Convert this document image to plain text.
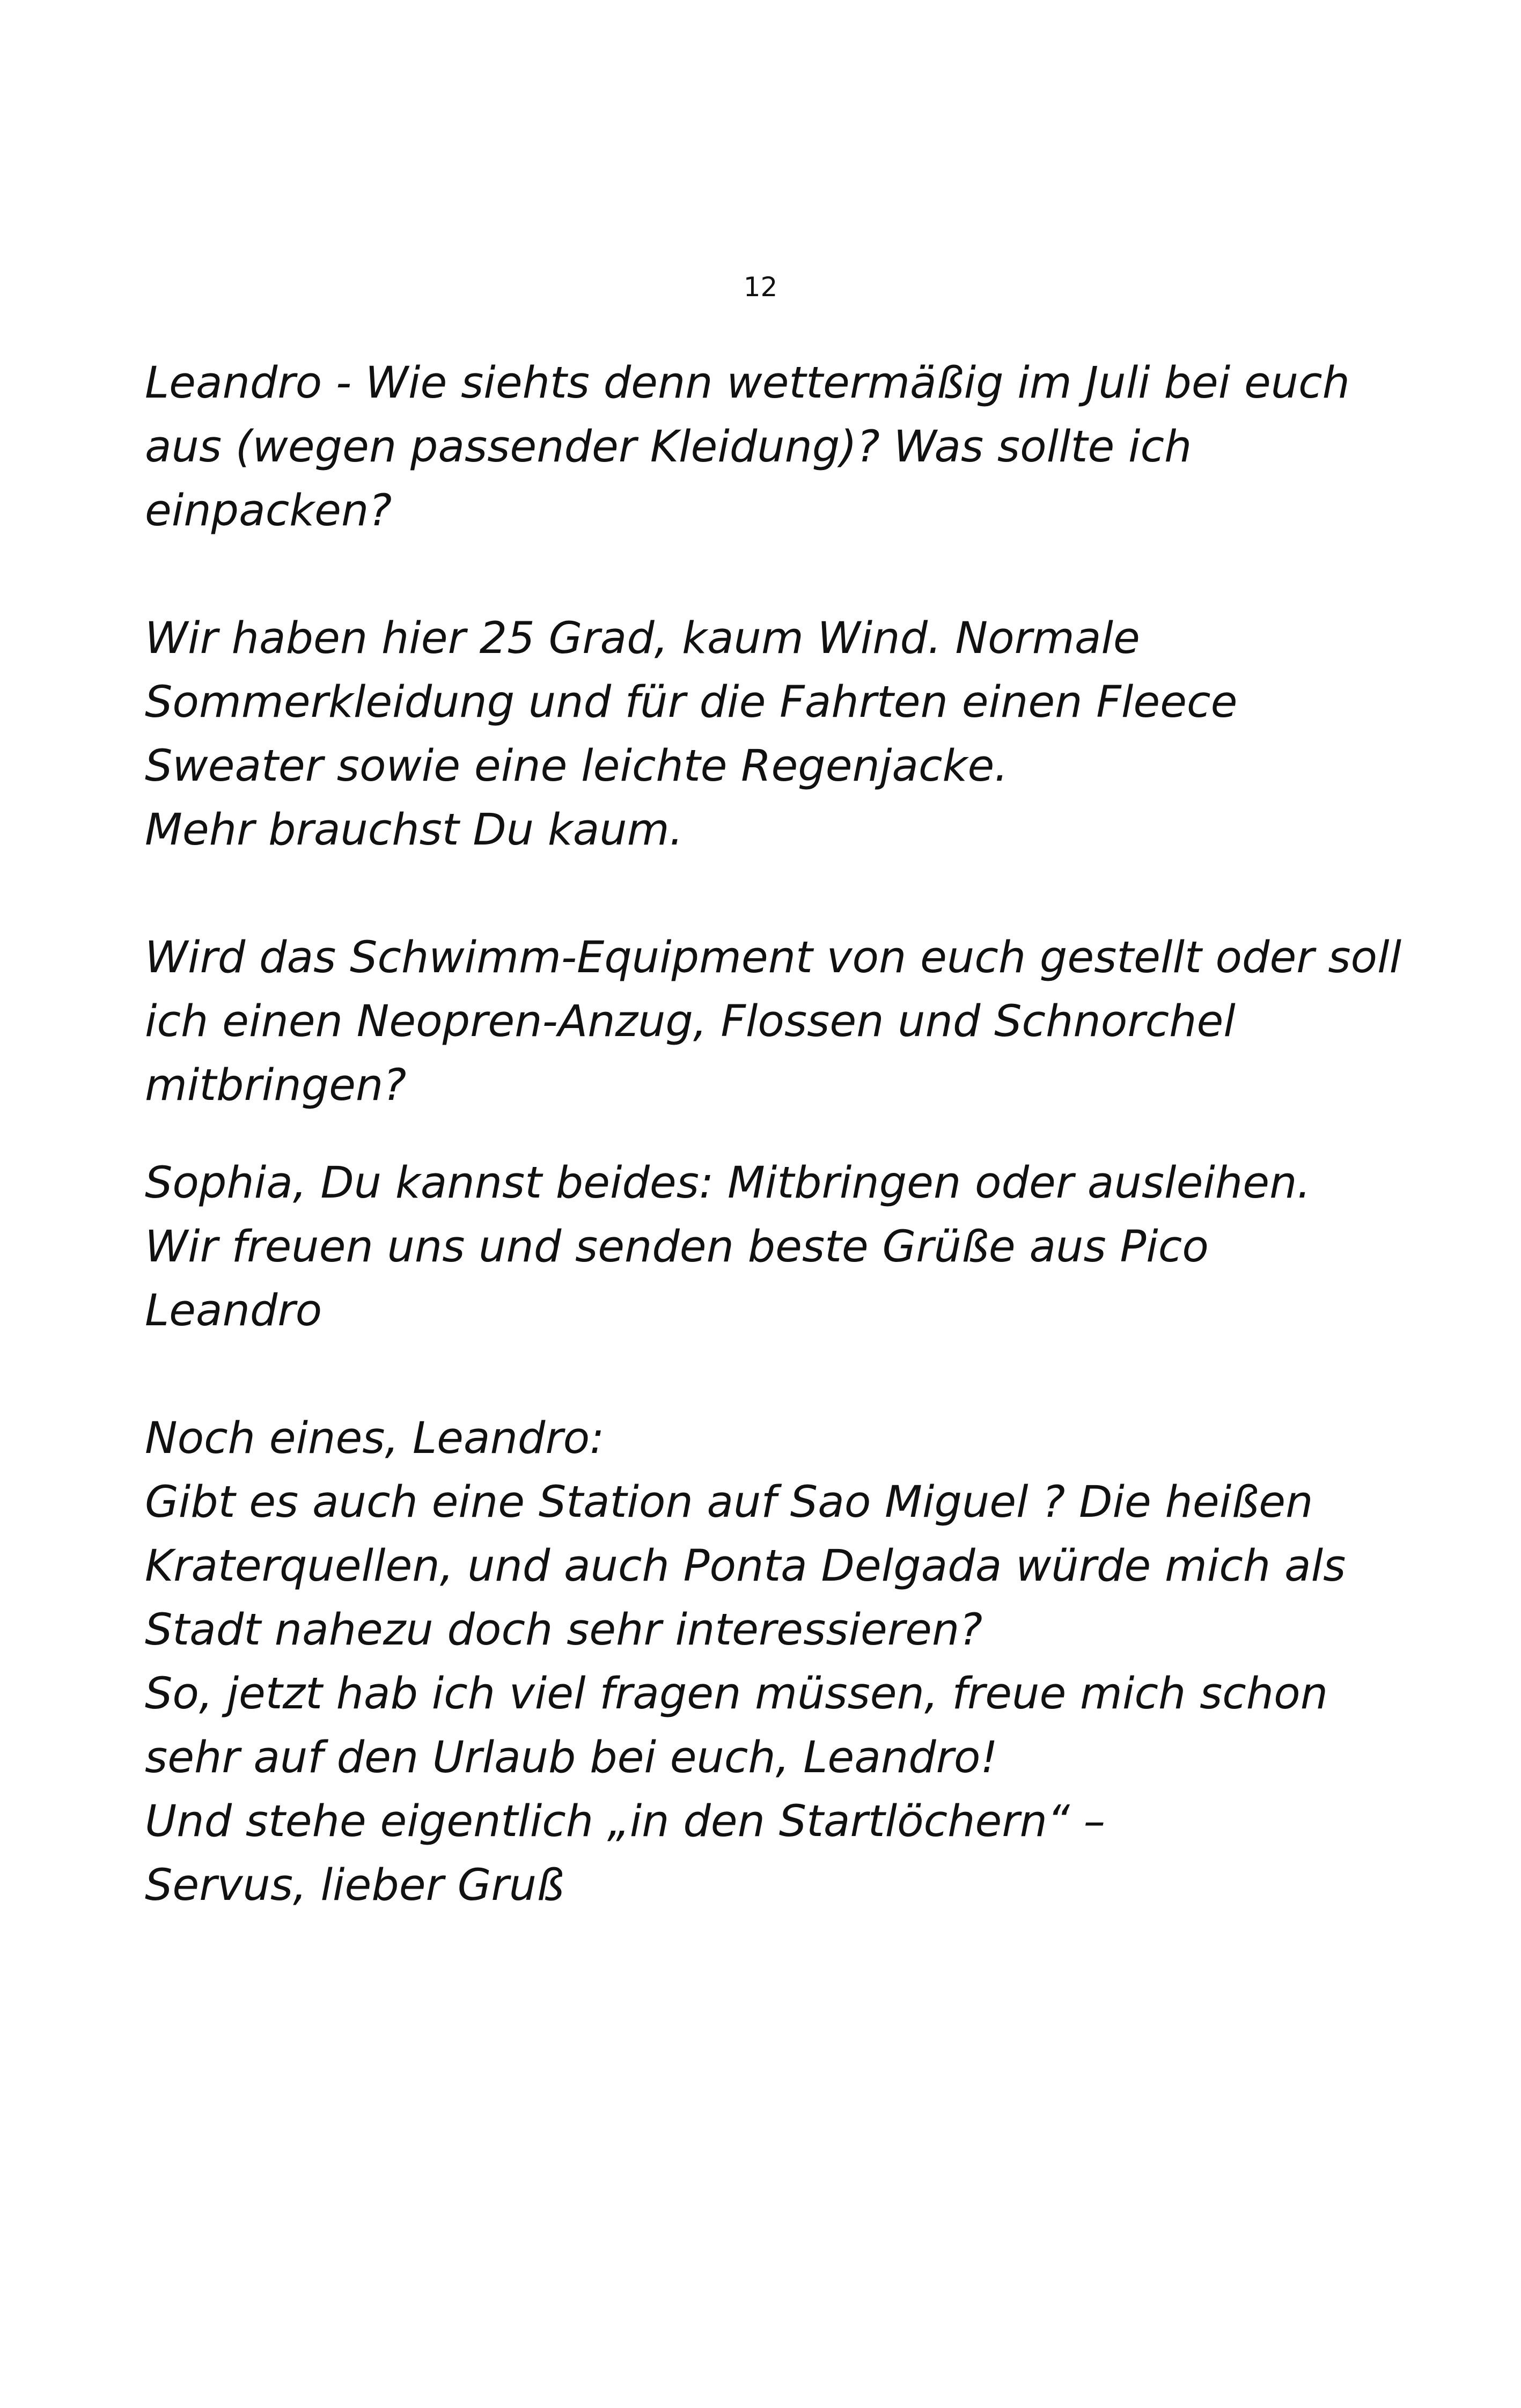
12
Leandro - Wie siehts denn wettermäßig im Juli bei euch
aus (wegen passender Kleidung)? Was sollte ich
einpacken?
Wir haben hier 25 Grad, kaum Wind. Normale
Sommerkleidung und für die Fahrten einen Fleece
Sweater sowie eine leichte Regenjacke.
Mehr brauchst Du kaum.
Wird das Schwimm-Equipment von euch gestellt oder soll
ich einen Neopren-Anzug, Flossen und Schnorchel
mitbringen?
Sophia, Du kannst beides: Mitbringen oder ausleihen.
Wir freuen uns und senden beste Grüße aus Pico
Leandro
Noch eines, Leandro:
Gibt es auch eine Station auf Sao Miguel ? Die heißen
Kraterquellen, und auch Ponta Delgada würde mich als
Stadt nahezu doch sehr interessieren?
So, jetzt hab ich viel fragen müssen, freue mich schon
sehr auf den Urlaub bei euch, Leandro!
Und stehe eigentlich „in den Startlöchern“ –
Servus, lieber Gruß
